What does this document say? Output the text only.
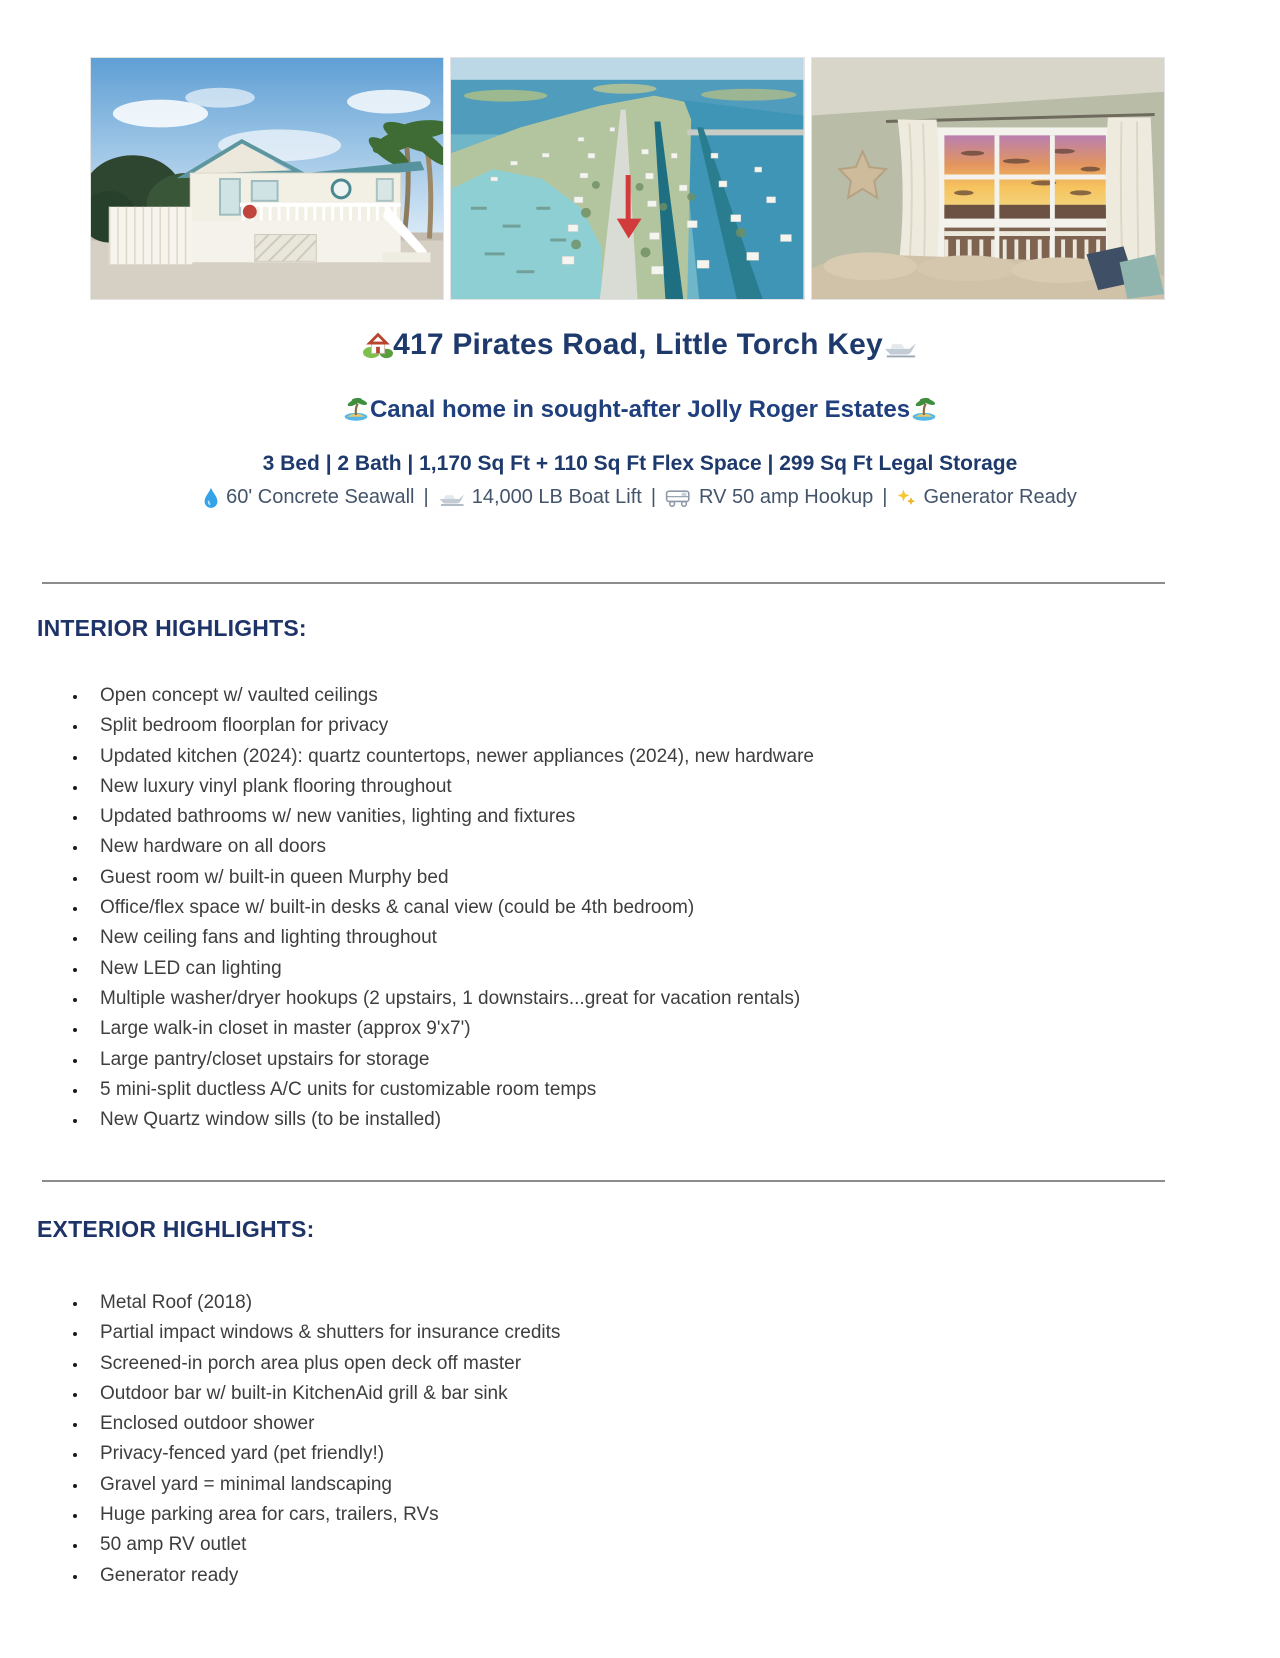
417 Pirates Road, Little Torch Key
Canal home in sought-after Jolly Roger Estates

3 Bed | 2 Bath | 1,170 Sq Ft + 110 Sq Ft Flex Space | 299 Sq Ft Legal Storage

60' Concrete Seawall | 14,000 LB Boat Lift | RV 50 amp Hookup | Generator Ready

INTERIOR HIGHLIGHTS:
• Open concept w/ vaulted ceilings
• Split bedroom floorplan for privacy
• Updated kitchen (2024): quartz countertops, newer appliances (2024), new hardware
• New luxury vinyl plank flooring throughout
• Updated bathrooms w/ new vanities, lighting and fixtures
• New hardware on all doors
• Guest room w/ built-in queen Murphy bed
• Office/flex space w/ built-in desks & canal view (could be 4th bedroom)
• New ceiling fans and lighting throughout
• New LED can lighting
• Multiple washer/dryer hookups (2 upstairs, 1 downstairs...great for vacation rentals)
• Large walk-in closet in master (approx 9'x7')
• Large pantry/closet upstairs for storage
• 5 mini-split ductless A/C units for customizable room temps
• New Quartz window sills (to be installed)
EXTERIOR HIGHLIGHTS:
• Metal Roof (2018)
• Partial impact windows & shutters for insurance credits
• Screened-in porch area plus open deck off master
• Outdoor bar w/ built-in KitchenAid grill & bar sink
• Enclosed outdoor shower
• Privacy-fenced yard (pet friendly!)
• Gravel yard = minimal landscaping
• Huge parking area for cars, trailers, RVs
• 50 amp RV outlet
• Generator ready
